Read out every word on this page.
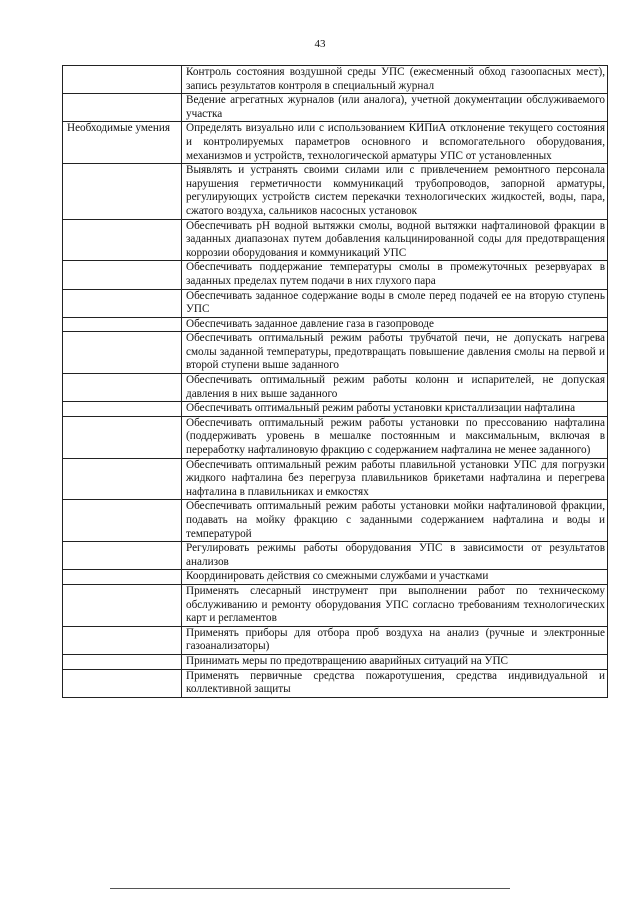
43
	Контроль состояния воздушной среды УПС (ежесменный обход газоопасных мест), запись результатов контроля в специальный журнал
	Ведение агрегатных журналов (или аналога), учетной документации обслуживаемого участка
Необходимые умения	Определять визуально или с использованием КИПиА отклонение текущего состояния и контролируемых параметров основного и вспомогательного оборудования, механизмов и устройств, технологической арматуры УПС от установленных
	Выявлять и устранять своими силами или с привлечением ремонтного персонала нарушения герметичности коммуникаций трубопроводов, запорной арматуры, регулирующих устройств систем перекачки технологических жидкостей, воды, пара, сжатого воздуха, сальников насосных установок
	Обеспечивать pH водной вытяжки смолы, водной вытяжки нафталиновой фракции в заданных диапазонах путем добавления кальцинированной соды для предотвращения коррозии оборудования и коммуникаций УПС
	Обеспечивать поддержание температуры смолы в промежуточных резервуарах в заданных пределах путем подачи в них глухого пара
	Обеспечивать заданное содержание воды в смоле перед подачей ее на вторую ступень УПС
	Обеспечивать заданное давление газа в газопроводе
	Обеспечивать оптимальный режим работы трубчатой печи, не допускать нагрева смолы заданной температуры, предотвращать повышение давления смолы на первой и второй ступени выше заданного
	Обеспечивать оптимальный режим работы колонн и испарителей, не допуская давления в них выше заданного
	Обеспечивать оптимальный режим работы установки кристаллизации нафталина
	Обеспечивать оптимальный режим работы установки по прессованию нафталина (поддерживать уровень в мешалке постоянным и максимальным, включая в переработку нафталиновую фракцию с содержанием нафталина не менее заданного)
	Обеспечивать оптимальный режим работы плавильной установки УПС для погрузки жидкого нафталина без перегруза плавильников брикетами нафталина и перегрева нафталина в плавильниках и емкостях
	Обеспечивать оптимальный режим работы установки мойки нафталиновой фракции, подавать на мойку фракцию с заданными содержанием нафталина и воды и температурой
	Регулировать режимы работы оборудования УПС в зависимости от результатов анализов
	Координировать действия со смежными службами и участками
	Применять слесарный инструмент при выполнении работ по техническому обслуживанию и ремонту оборудования УПС согласно требованиям технологических карт и регламентов
	Применять приборы для отбора проб воздуха на анализ (ручные и электронные газоанализаторы)
	Принимать меры по предотвращению аварийных ситуаций на УПС
	Применять первичные средства пожаротушения, средства индивидуальной и коллективной защиты
